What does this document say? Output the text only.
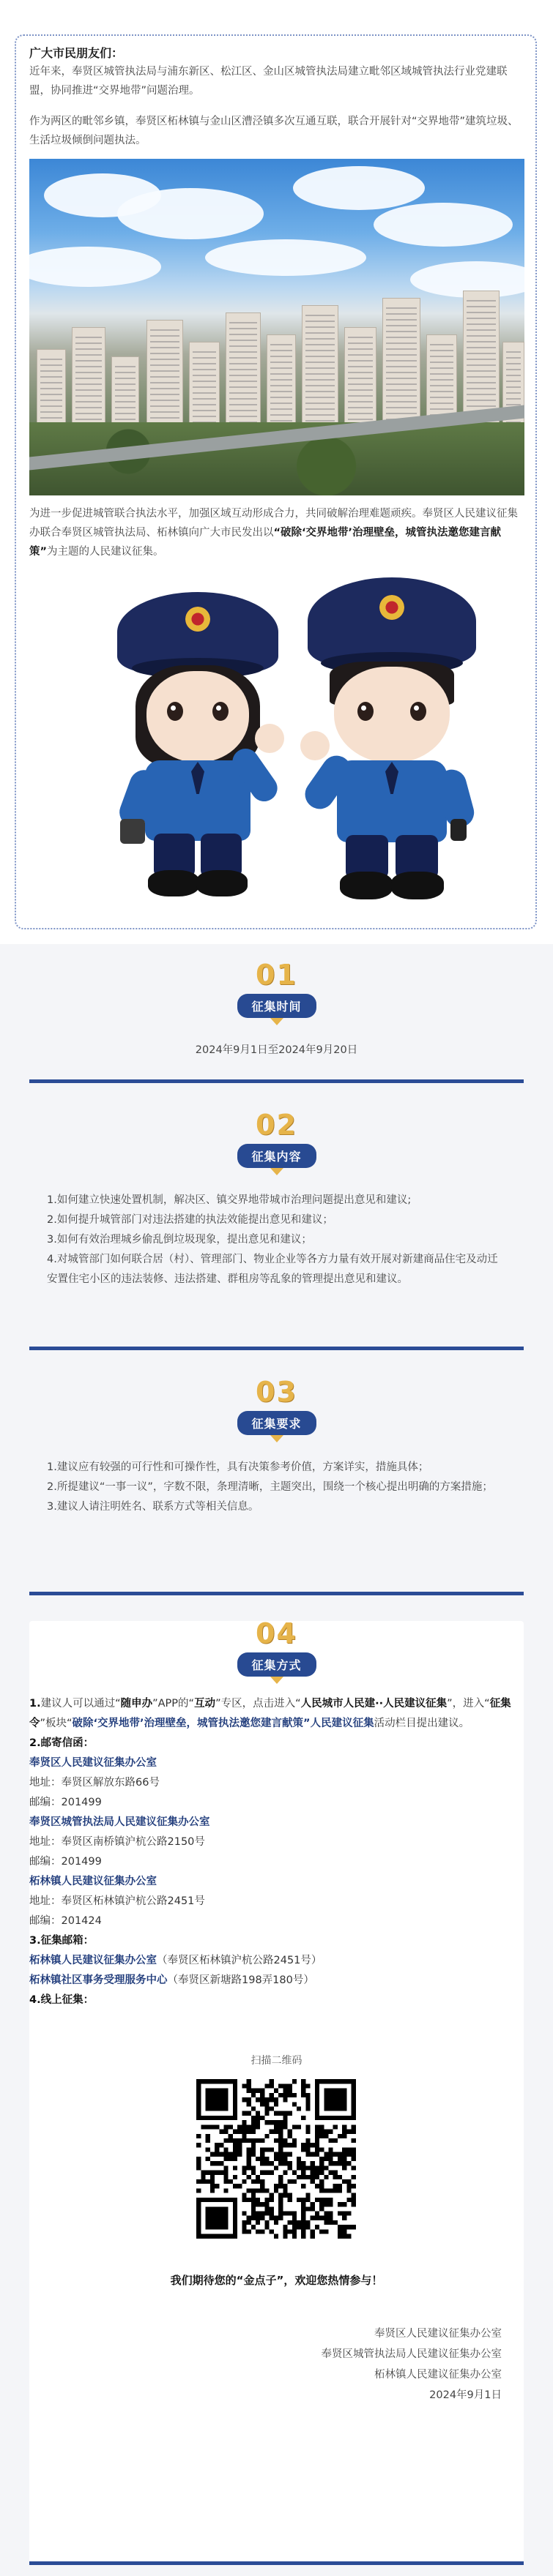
广大市民朋友们：

近年来，奉贤区城管执法局与浦东新区、松江区、金山区城管执法局建立毗邻区域城管执法行业党建联盟，协同推进“交界地带”问题治理。

作为两区的毗邻乡镇，奉贤区柘林镇与金山区漕泾镇多次互通互联，联合开展针对“交界地带”建筑垃圾、生活垃圾倾倒问题执法。

为进一步促进城管联合执法水平，加强区域互动形成合力，共同破解治理难题顽疾。奉贤区人民建议征集办联合奉贤区城管执法局、柘林镇向广大市民发出以“破除‘交界地带’治理壁垒，城管执法邀您建言献策”为主题的人民建议征集。

01
征集时间
2024年9月1日至2024年9月20日
02
征集内容

1.如何建立快速处置机制，解决区、镇交界地带城市治理问题提出意见和建议;

2.如何提升城管部门对违法搭建的执法效能提出意见和建议；

3.如何有效治理城乡偷乱倒垃圾现象，提出意见和建议；

4.对城管部门如何联合居（村）、管理部门、物业企业等各方力量有效开展对新建商品住宅及动迁安置住宅小区的违法装修、违法搭建、群租房等乱象的管理提出意见和建议。

03
征集要求

1.建议应有较强的可行性和可操作性，具有决策参考价值，方案详实，措施具体；

2.所提建议“一事一议”，字数不限，条理清晰，主题突出，围绕一个核心提出明确的方案措施；

3.建议人请注明姓名、联系方式等相关信息。

04
征集方式

1.建议人可以通过“随申办”APP的“互动”专区，点击进入“人民城市人民建··人民建议征集”，进入“征集令”板块“破除‘交界地带’治理壁垒，城管执法邀您建言献策”人民建议征集活动栏目提出建议。

2.邮寄信函：

奉贤区人民建议征集办公室

地址：奉贤区解放东路66号

邮编：201499

奉贤区城管执法局人民建议征集办公室

地址：奉贤区南桥镇沪杭公路2150号

邮编：201499

柘林镇人民建议征集办公室

地址：奉贤区柘林镇沪杭公路2451号

邮编：201424

3.征集邮箱：

柘林镇人民建议征集办公室（奉贤区柘林镇沪杭公路2451号）

柘林镇社区事务受理服务中心（奉贤区新塘路198弄180号）

4.线上征集：

扫描二维码
我们期待您的“金点子”，欢迎您热情参与！

奉贤区人民建议征集办公室

奉贤区城管执法局人民建议征集办公室

柘林镇人民建议征集办公室

2024年9月1日
